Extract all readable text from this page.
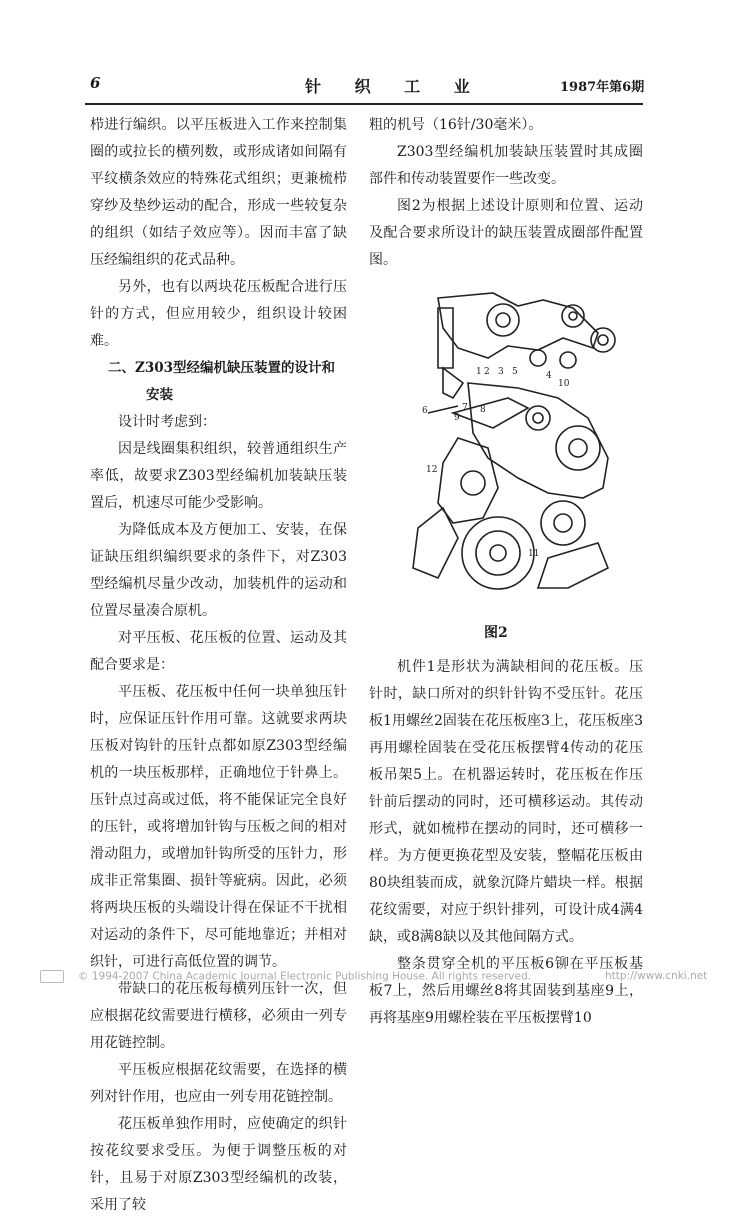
6	针 织 工 业	1987年第6期

栉进行编织。以平压板进入工作来控制集圈的或拉长的横列数，或形成诸如间隔有平纹横条效应的特殊花式组织；更兼梳栉穿纱及垫纱运动的配合，形成一些较复杂的组织（如结子效应等）。因而丰富了缺压经编组织的花式品种。

另外，也有以两块花压板配合进行压针的方式，但应用较少，组织设计较困难。

二、Z303型经编机缺压装置的设计和

安装

设计时考虑到：

因是线圈集积组织，较普通组织生产率低，故要求Z303型经编机加装缺压装置后，机速尽可能少受影响。

为降低成本及方便加工、安装，在保证缺压组织编织要求的条件下，对Z303型经编机尽量少改动，加装机件的运动和位置尽量凑合原机。

对平压板、花压板的位置、运动及其配合要求是：

平压板、花压板中任何一块单独压针时，应保证压针作用可靠。这就要求两块压板对钩针的压针点都如原Z303型经编机的一块压板那样，正确地位于针鼻上。压针点过高或过低，将不能保证完全良好的压针，或将增加针钩与压板之间的相对滑动阻力，或增加针钩所受的压针力，形成非正常集圈、损针等疵病。因此，必须将两块压板的头端设计得在保证不干扰相对运动的条件下，尽可能地靠近；并相对织针，可进行高低位置的调节。

带缺口的花压板每横列压针一次，但应根据花纹需要进行横移，必须由一列专用花链控制。

平压板应根据花纹需要，在选择的横列对针作用，也应由一列专用花链控制。

花压板单独作用时，应使确定的织针按花纹要求受压。为便于调整压板的对针，且易于对原Z303型经编机的改装，采用了较

粗的机号（16针/30毫米）。

Z303型经编机加装缺压装置时其成圈部件和传动装置要作一些改变。

图2为根据上述设计原则和位置、运动及配合要求所设计的缺压装置成圈部件配置图。

1 2 3	4
5
6	7 8
9
10
11
12
图2

机件1是形状为满缺相间的花压板。压针时，缺口所对的织针针钩不受压针。花压板1用螺丝2固装在花压板座3上，花压板座3再用螺栓固装在受花压板摆臂4传动的花压板吊架5上。在机器运转时，花压板在作压针前后摆动的同时，还可横移运动。其传动形式，就如梳栉在摆动的同时，还可横移一样。为方便更换花型及安装，整幅花压板由80块组装而成，就象沉降片蜡块一样。根据花纹需要，对应于织针排列，可设计成4满4缺，或8满8缺以及其他间隔方式。

整条贯穿全机的平压板6铆在平压板基板7上，然后用螺丝8将其固装到基座9上，再将基座9用螺栓装在平压板摆臂10

© 1994-2007 China Academic Journal Electronic Publishing House. All rights reserved.	http://www.cnki.net
